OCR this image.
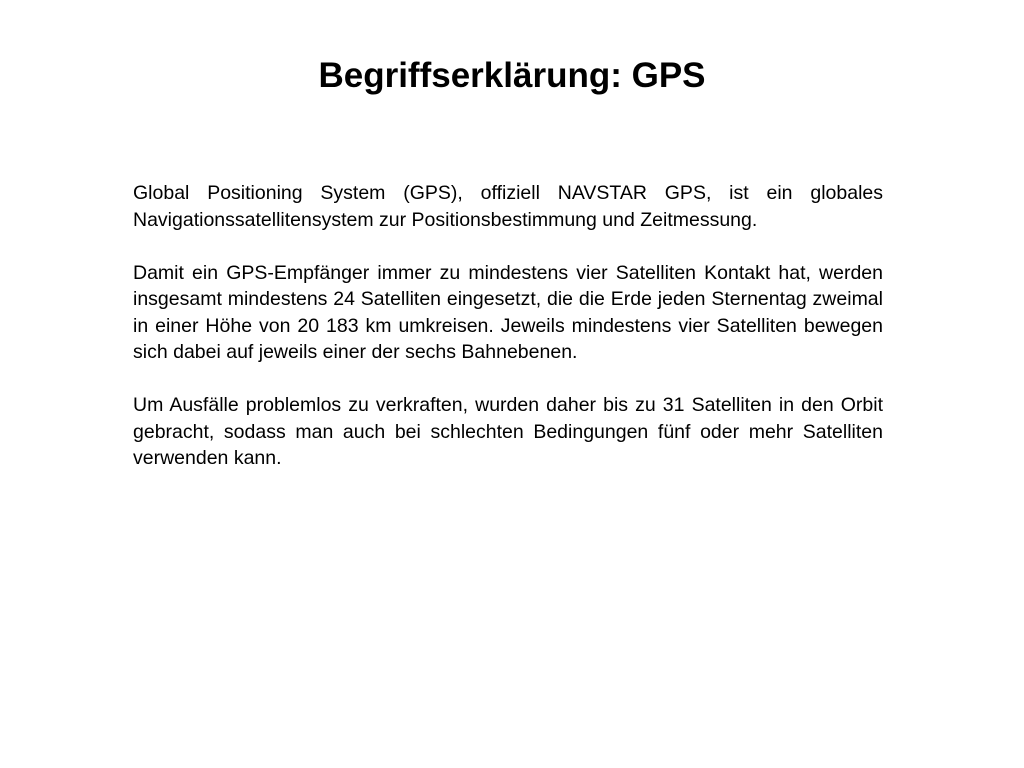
Begriffserklärung: GPS

Global Positioning System (GPS), offiziell NAVSTAR GPS, ist ein globales Navigationssatellitensystem zur Positionsbestimmung und Zeitmessung.

Damit ein GPS-Empfänger immer zu mindestens vier Satelliten Kontakt hat, werden insgesamt mindestens 24 Satelliten eingesetzt, die die Erde jeden Sternentag zweimal in einer Höhe von 20 183 km umkreisen. Jeweils mindestens vier Satelliten bewegen sich dabei auf jeweils einer der sechs Bahnebenen.

Um Ausfälle problemlos zu verkraften, wurden daher bis zu 31 Satelliten in den Orbit gebracht, sodass man auch bei schlechten Bedingungen fünf oder mehr Satelliten verwenden kann.
